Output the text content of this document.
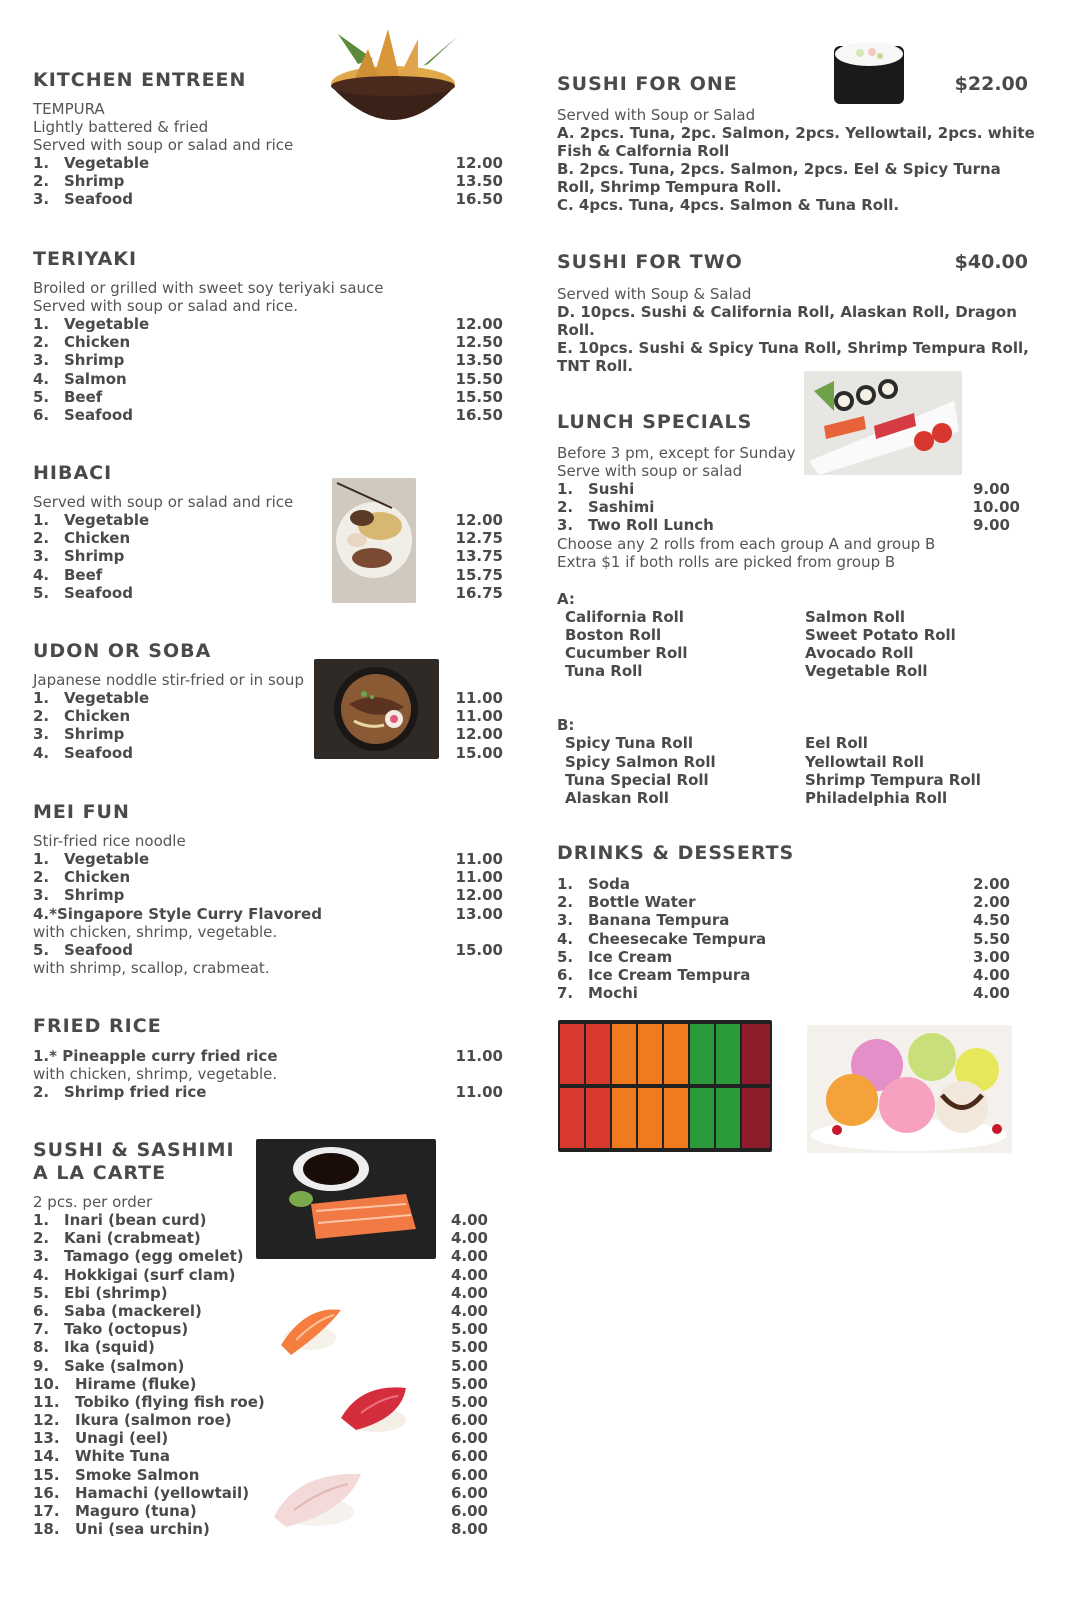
KITCHEN ENTREEN
TEMPURA
Lightly battered & fried
Served with soup or salad and rice
1. Vegetable	12.00
2. Shrimp	13.50
3. Seafood	16.50
TERIYAKI
Broiled or grilled with sweet soy teriyaki sauce
Served with soup or salad and rice.
1. Vegetable	12.00
2. Chicken	12.50
3. Shrimp	13.50
4. Salmon	15.50
5. Beef	15.50
6. Seafood	16.50
HIBACI
Served with soup or salad and rice
1. Vegetable	12.00
2. Chicken	12.75
3. Shrimp	13.75
4. Beef	15.75
5. Seafood	16.75
UDON OR SOBA
Japanese noddle stir-fried or in soup
1. Vegetable	11.00
2. Chicken	11.00
3. Shrimp	12.00
4. Seafood	15.00
MEI FUN
Stir-fried rice noodle
1. Vegetable	11.00
2. Chicken	11.00
3. Shrimp	12.00
4.*Singapore Style Curry Flavored	13.00
with chicken, shrimp, vegetable.
5. Seafood	15.00
with shrimp, scallop, crabmeat.
FRIED RICE
1.* Pineapple curry fried rice	11.00
with chicken, shrimp, vegetable.
2. Shrimp fried rice	11.00
SUSHI & SASHIMI
A LA CARTE
2 pcs. per order
1. Inari (bean curd)	4.00
2. Kani (crabmeat)	4.00
3. Tamago (egg omelet)	4.00
4. Hokkigai (surf clam)	4.00
5. Ebi (shrimp)	4.00
6. Saba (mackerel)	4.00
7. Tako (octopus)	5.00
8. Ika (squid)	5.00
9. Sake (salmon)	5.00
10. Hirame (fluke)	5.00
11. Tobiko (flying fish roe)	5.00
12. Ikura (salmon roe)	6.00
13. Unagi (eel)	6.00
14. White Tuna	6.00
15. Smoke Salmon	6.00
16. Hamachi (yellowtail)	6.00
17. Maguro (tuna)	6.00
18. Uni (sea urchin)	8.00
SUSHI FOR ONE	$22.00
Served with Soup or Salad
A. 2pcs. Tuna, 2pc. Salmon, 2pcs. Yellowtail, 2pcs. white
Fish & Calfornia Roll
B. 2pcs. Tuna, 2pcs. Salmon, 2pcs. Eel & Spicy Turna
Roll, Shrimp Tempura Roll.
C. 4pcs. Tuna, 4pcs. Salmon & Tuna Roll.
SUSHI FOR TWO	$40.00
Served with Soup & Salad
D. 10pcs. Sushi & California Roll, Alaskan Roll, Dragon
Roll.
E. 10pcs. Sushi & Spicy Tuna Roll, Shrimp Tempura Roll,
TNT Roll.
LUNCH SPECIALS
Before 3 pm, except for Sunday
Serve with soup or salad
1. Sushi	9.00
2. Sashimi	10.00
3. Two Roll Lunch	9.00
Choose any 2 rolls from each group A and group B
Extra $1 if both rolls are picked from group B
A:
California Roll	Salmon Roll
Boston Roll	Sweet Potato Roll
Cucumber Roll	Avocado Roll
Tuna Roll	Vegetable Roll
B:
Spicy Tuna Roll	Eel Roll
Spicy Salmon Roll	Yellowtail Roll
Tuna Special Roll	Shrimp Tempura Roll
Alaskan Roll	Philadelphia Roll
DRINKS & DESSERTS
1. Soda	2.00
2. Bottle Water	2.00
3. Banana Tempura	4.50
4. Cheesecake Tempura	5.50
5. Ice Cream	3.00
6. Ice Cream Tempura	4.00
7. Mochi	4.00
